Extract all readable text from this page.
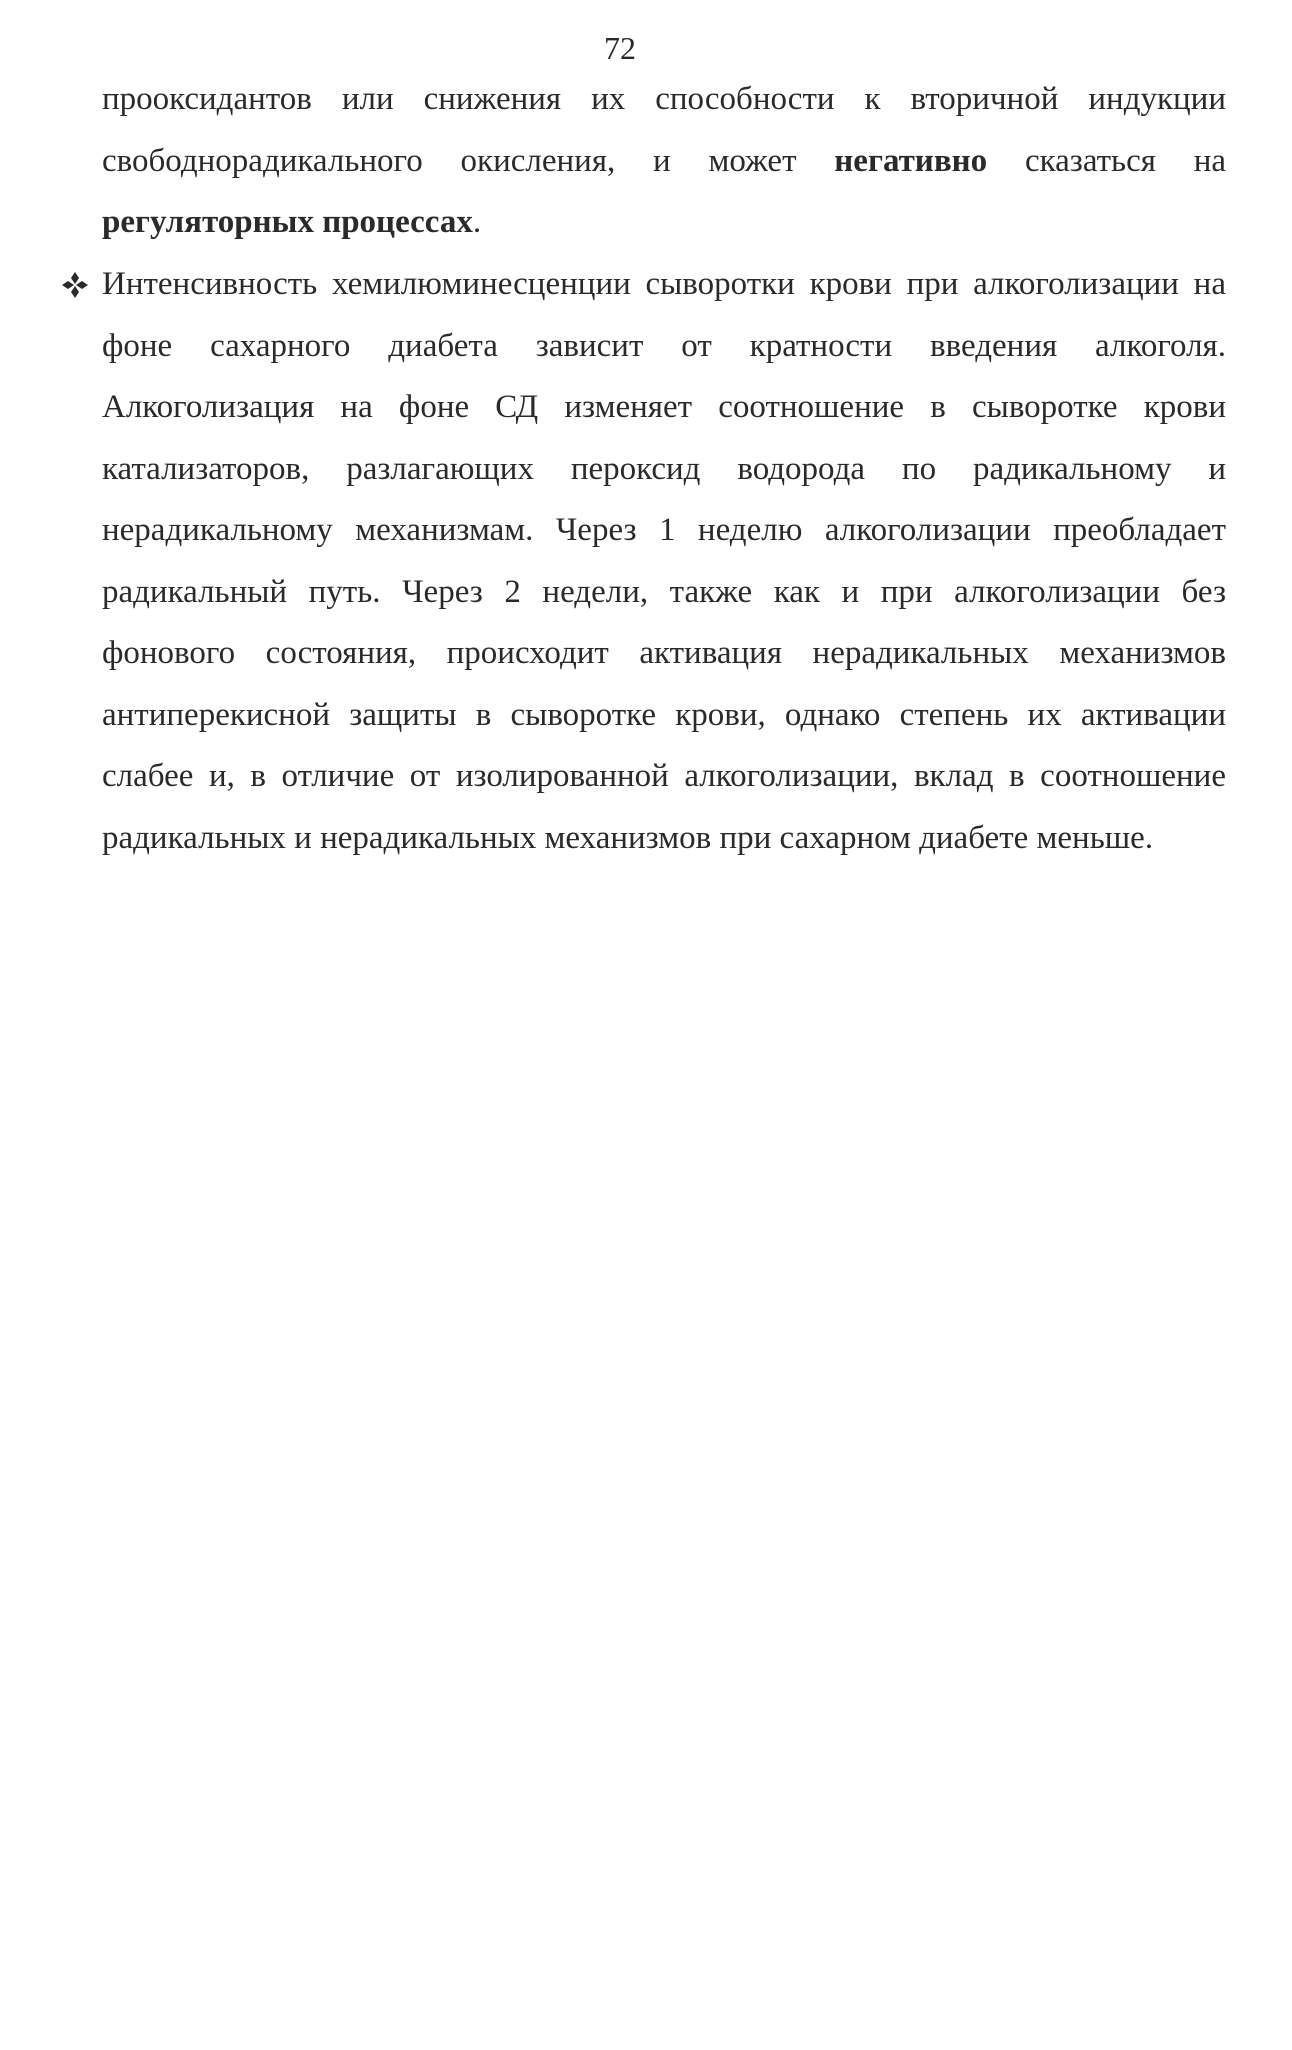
72
прооксидантов или снижения их способности к вторичной индукции свободнорадикального окисления, и может негативно сказаться на регуляторных процессах.
Интенсивность хемилюминесценции сыворотки крови при алкоголизации на фоне сахарного диабета зависит от кратности введения алкоголя. Алкоголизация на фоне СД изменяет соотношение в сыворотке крови катализаторов, разлагающих пероксид водорода по радикальному и нерадикальному механизмам. Через 1 неделю алкоголизации преобладает радикальный путь. Через 2 недели, также как и при алкоголизации без фонового состояния, происходит активация нерадикальных механизмов антиперекисной защиты в сыворотке крови, однако степень их активации слабее и, в отличие от изолированной алкоголизации, вклад в соотношение радикальных и нерадикальных механизмов при сахарном диабете меньше.
